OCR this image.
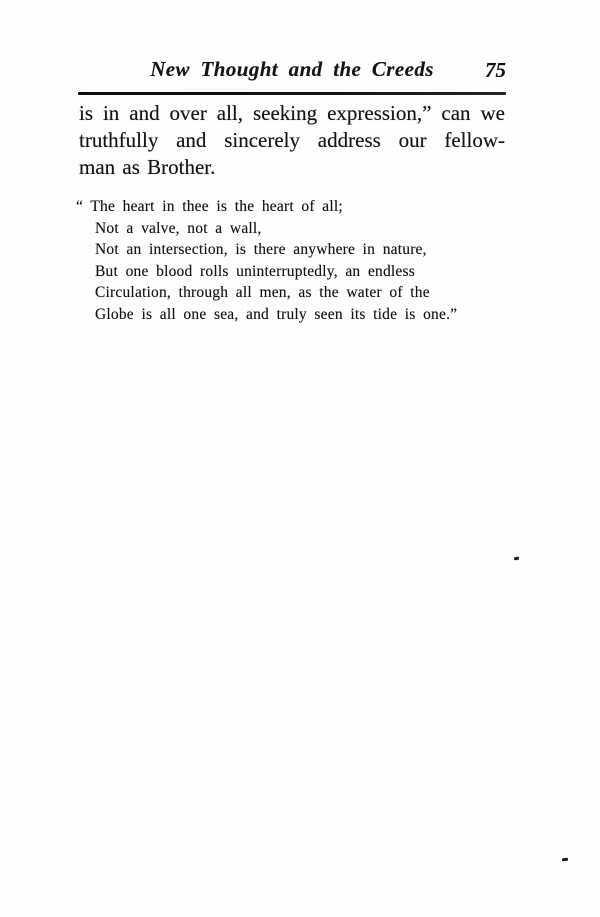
New Thought and the Creeds	75
is in and over all, seeking expression,” can we
truthfully and sincerely address our fellow-
man as Brother.
“ The heart in thee is the heart of all;
Not a valve, not a wall,
Not an intersection, is there anywhere in nature,
But one blood rolls uninterruptedly, an endless
Circulation, through all men, as the water of the
Globe is all one sea, and truly seen its tide is one.”
